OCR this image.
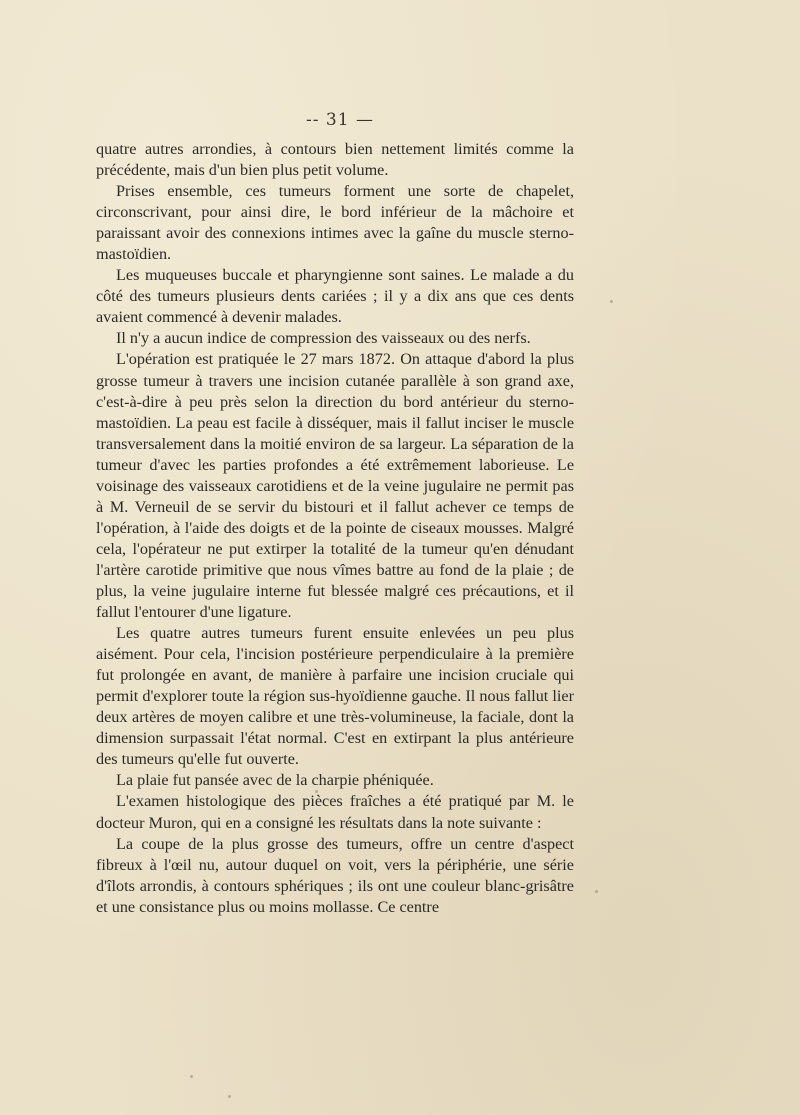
-- 31 —

quatre autres arrondies, à contours bien nettement limités comme la précédente, mais d'un bien plus petit volume.

Prises ensemble, ces tumeurs forment une sorte de chapelet, circonscrivant, pour ainsi dire, le bord inférieur de la mâchoire et paraissant avoir des connexions intimes avec la gaîne du muscle sterno-mastoïdien.

Les muqueuses buccale et pharyngienne sont saines. Le malade a du côté des tumeurs plusieurs dents cariées ; il y a dix ans que ces dents avaient commencé à devenir malades.

Il n'y a aucun indice de compression des vaisseaux ou des nerfs.

L'opération est pratiquée le 27 mars 1872. On attaque d'abord la plus grosse tumeur à travers une incision cutanée parallèle à son grand axe, c'est-à-dire à peu près selon la direction du bord antérieur du sterno-mastoïdien. La peau est facile à disséquer, mais il fallut inciser le muscle transversalement dans la moitié environ de sa largeur. La séparation de la tumeur d'avec les parties profondes a été extrêmement laborieuse. Le voisinage des vaisseaux carotidiens et de la veine jugulaire ne permit pas à M. Verneuil de se servir du bistouri et il fallut achever ce temps de l'opération, à l'aide des doigts et de la pointe de ciseaux mousses. Malgré cela, l'opérateur ne put extirper la totalité de la tumeur qu'en dénudant l'artère carotide primitive que nous vîmes battre au fond de la plaie ; de plus, la veine jugulaire interne fut blessée malgré ces précautions, et il fallut l'entourer d'une ligature.

Les quatre autres tumeurs furent ensuite enlevées un peu plus aisément. Pour cela, l'incision postérieure perpendiculaire à la première fut prolongée en avant, de manière à parfaire une incision cruciale qui permit d'explorer toute la région sus-hyoïdienne gauche. Il nous fallut lier deux artères de moyen calibre et une très-volumineuse, la faciale, dont la dimension surpassait l'état normal. C'est en extirpant la plus antérieure des tumeurs qu'elle fut ouverte.

La plaie fut pansée avec de la charpie phéniquée.

L'examen histologique des pièces fraîches a été pratiqué par M. le docteur Muron, qui en a consigné les résultats dans la note suivante :

La coupe de la plus grosse des tumeurs, offre un centre d'aspect fibreux à l'œil nu, autour duquel on voit, vers la périphérie, une série d'îlots arrondis, à contours sphériques ; ils ont une couleur blanc-grisâtre et une consistance plus ou moins mollasse. Ce centre
